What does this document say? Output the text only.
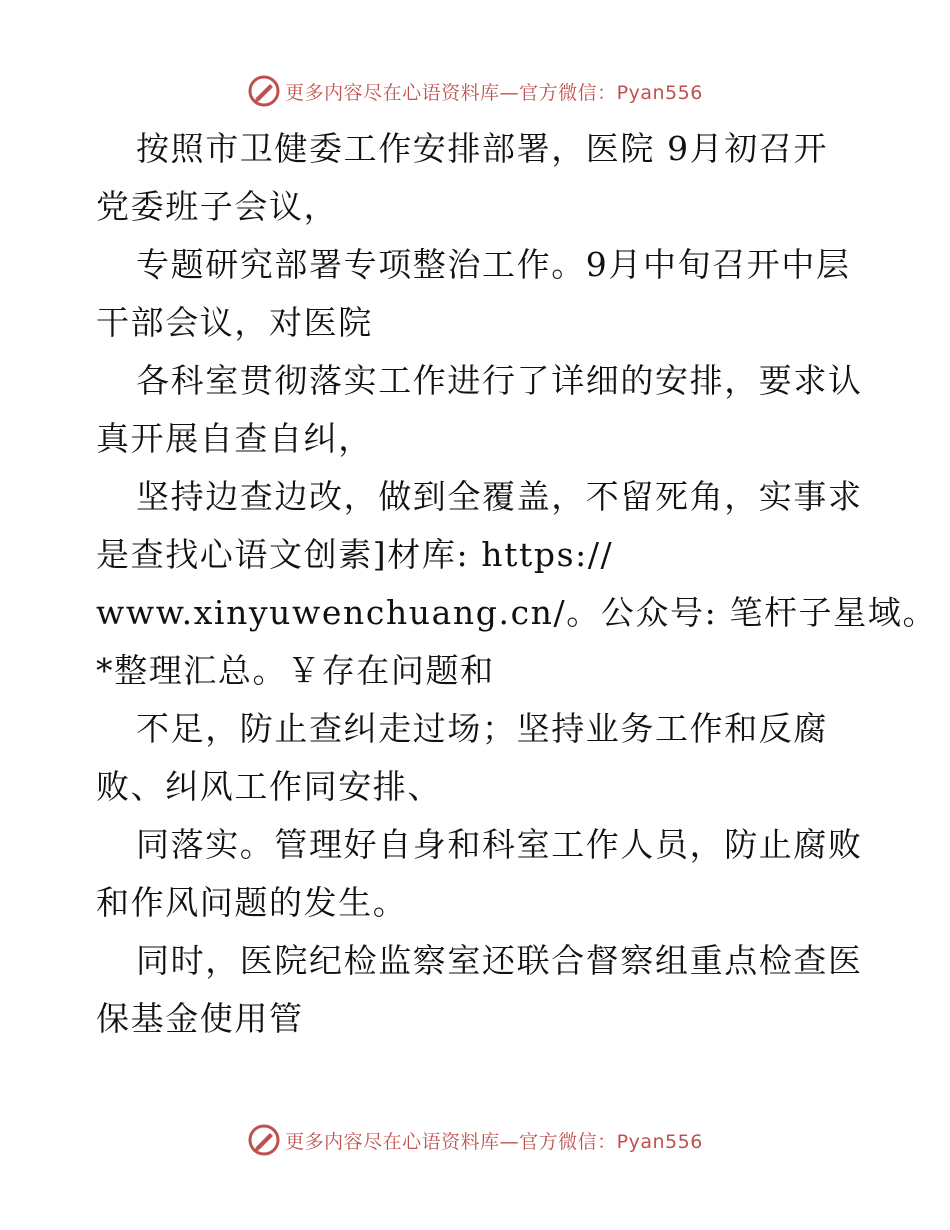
更多内容尽在心语资料库—官方微信：Pyan556
按照市卫健委工作安排部署，医院 9月初召开
党委班子会议，
专题研究部署专项整治工作。9月中旬召开中层
干部会议，对医院
各科室贯彻落实工作进行了详细的安排，要求认
真开展自查自纠，
坚持边查边改，做到全覆盖，不留死角，实事求
是查找心语文创素]材库: https://
www.xinyuwenchuang.cn/。公众号: 笔杆子星域。
*整理汇总。￥存在问题和
不足，防止查纠走过场；坚持业务工作和反腐
败、纠风工作同安排、
同落实。管理好自身和科室工作人员，防止腐败
和作风问题的发生。
同时，医院纪检监察室还联合督察组重点检查医
保基金使用管
更多内容尽在心语资料库—官方微信：Pyan556
